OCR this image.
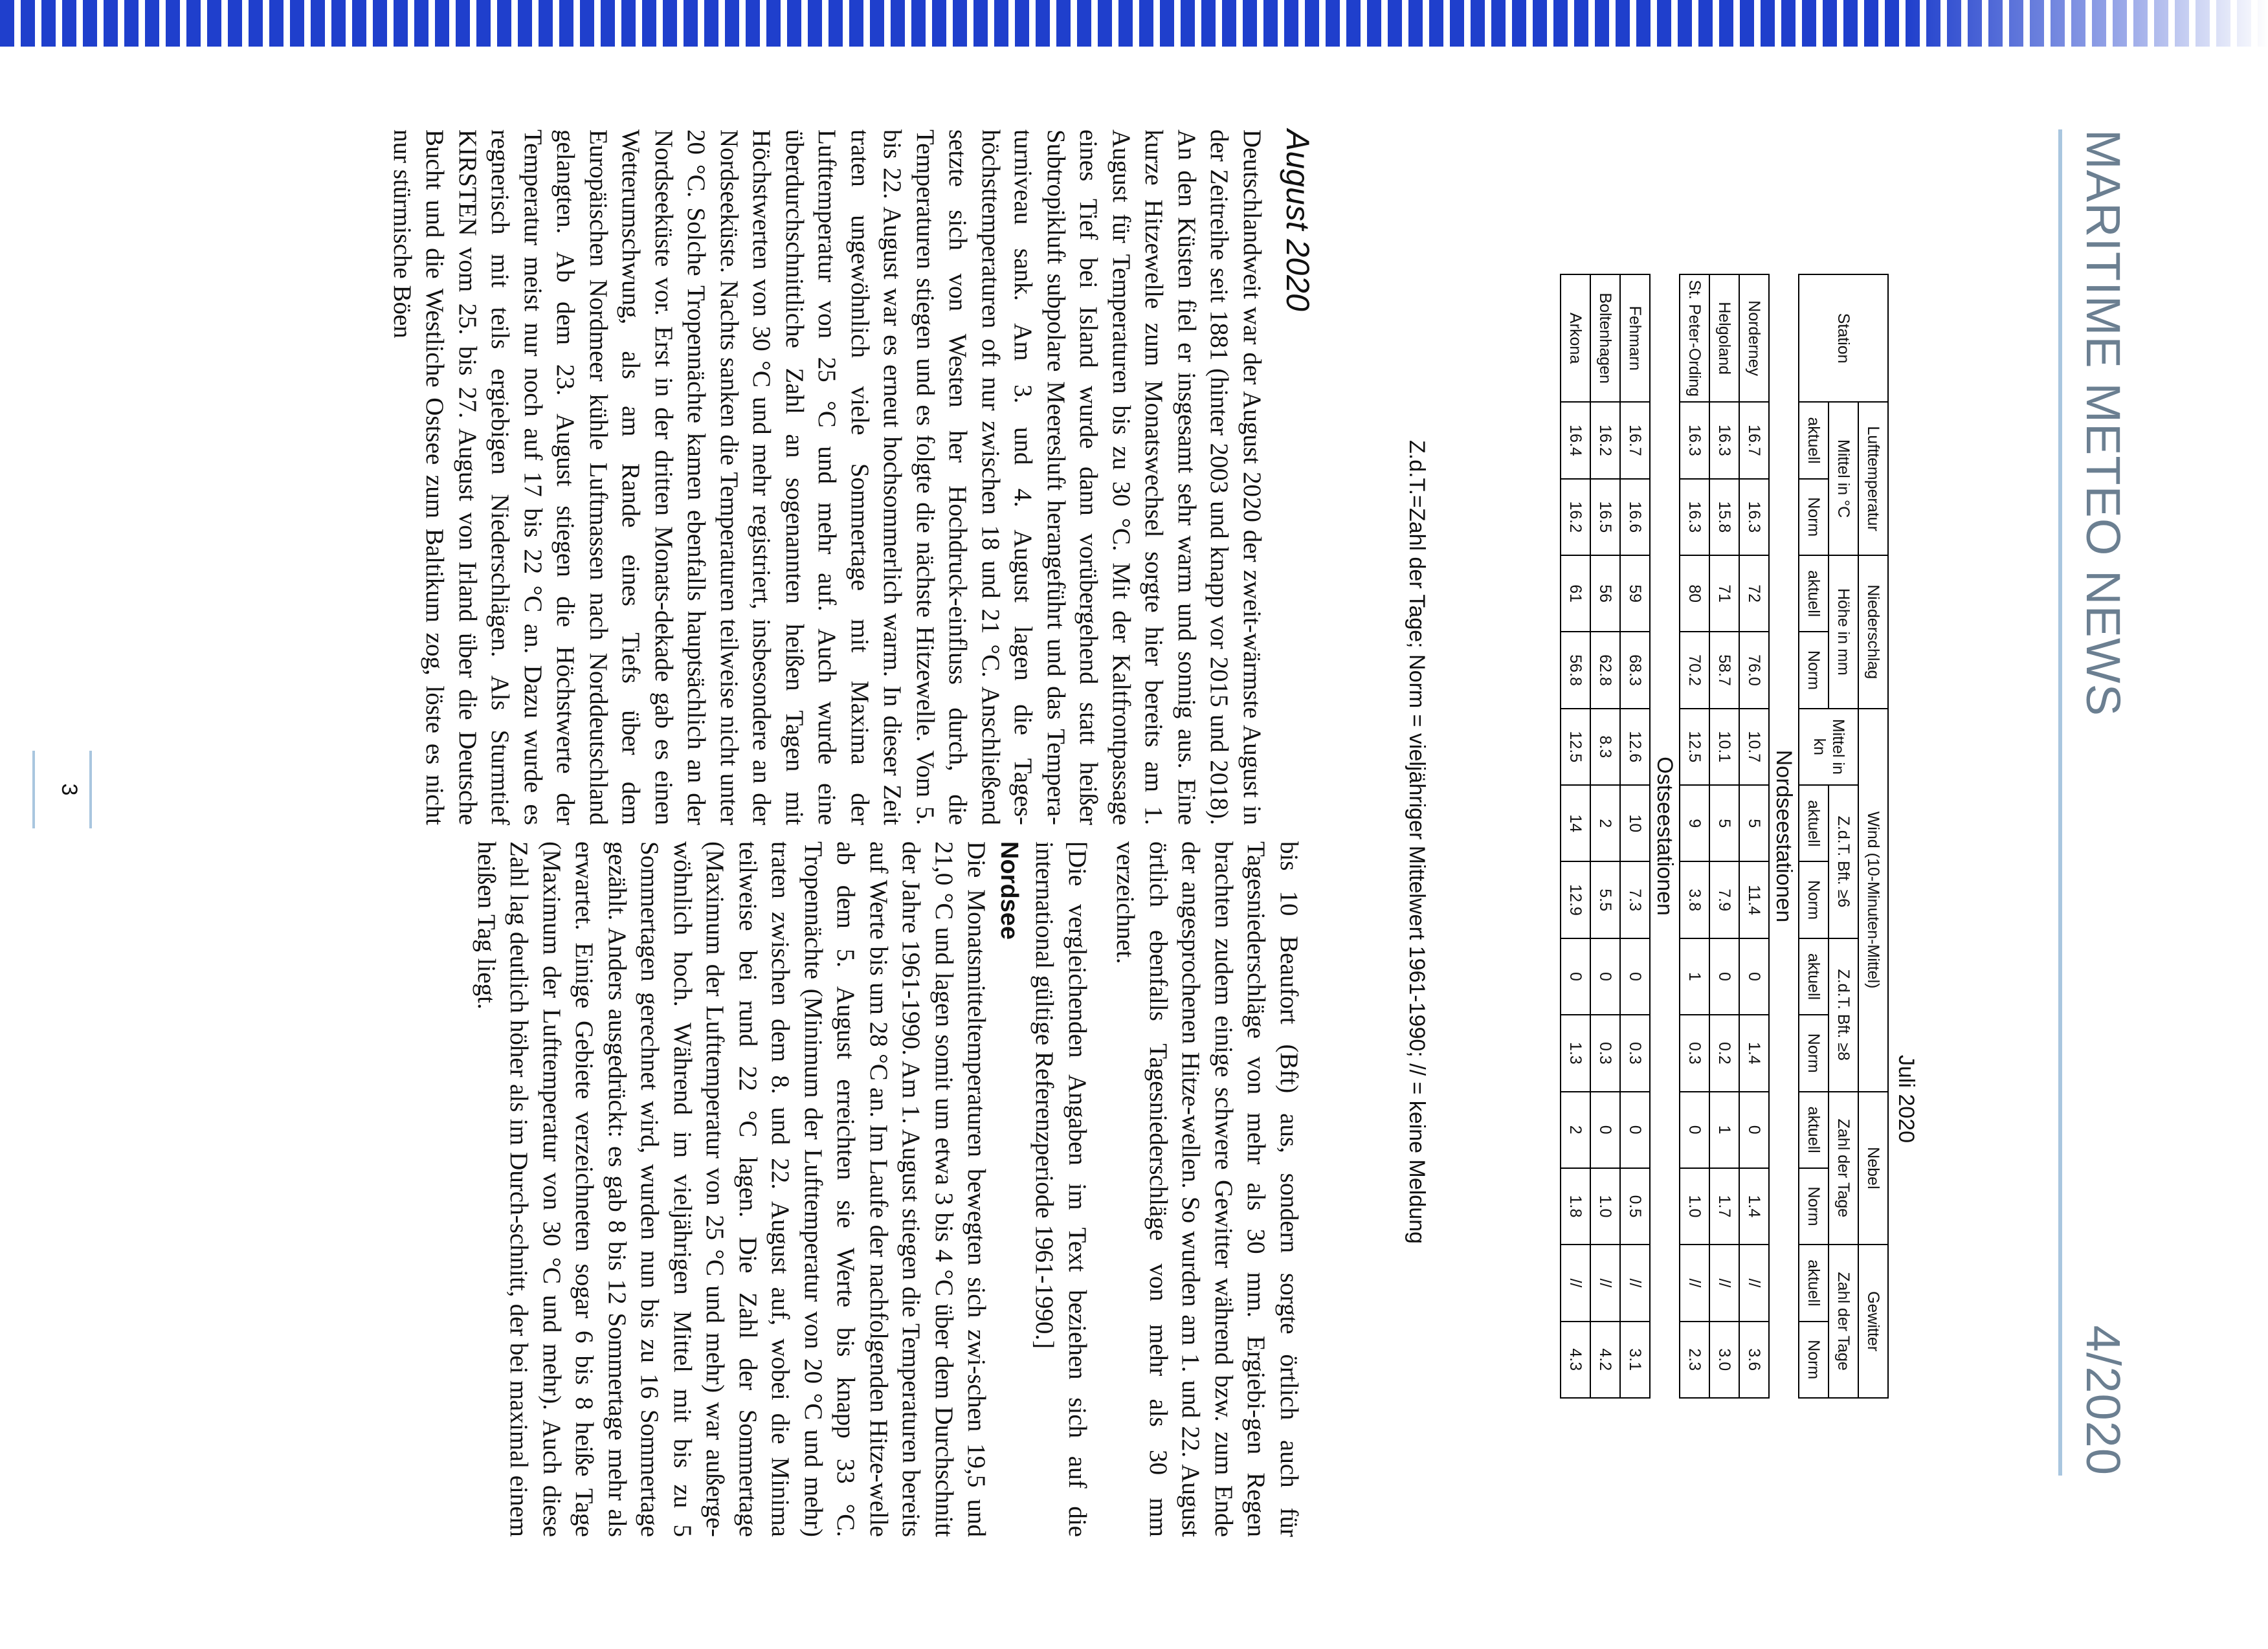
MARITIME METEO NEWS
4/2020
Juli 2020
Station	Lufttemperatur		Niederschlag		Wind (10-Minuten-Mittel)					Nebel		Gewitter	
	Mittel in °C		Höhe in mm		Mittel in kn	Z.d.T. Bft. ≥6		Z.d.T. Bft. ≥8		Zahl der Tage		Zahl der Tage	
	aktuell	Norm	aktuell	Norm		aktuell	Norm	aktuell	Norm	aktuell	Norm	aktuell	Norm
Nordseestationen													
Norderney	16.7	16.3	72	76.0	10.7	5	11.4	0	1.4	0	1.4	//	3.6
Helgoland	16.3	15.8	71	58.7	10.1	5	7.9	0	0.2	1	1.7	//	3.0
St. Peter-Ording	16.3	16.3	80	70.2	12.5	9	3.8	1	0.3	0	1.0	//	2.3
Ostseestationen													
Fehmarn	16.7	16.6	59	68.3	12.6	10	7.3	0	0.3	0	0.5	//	3.1
Boltenhagen	16.2	16.5	56	62.8	8.3	2	5.5	0	0.3	0	1.0	//	4.2
Arkona	16.4	16.2	61	56.8	12.5	14	12.9	0	1.3	2	1.8	//	4.3
Z.d.T.=Zahl der Tage; Norm = vieljähriger Mittelwert 1961-1990; // = keine Meldung
August 2020

Deutschlandweit war der August 2020 der zweit-wärmste August in der Zeitreihe seit 1881 (hinter 2003 und knapp vor 2015 und 2018). An den Küsten fiel er insgesamt sehr warm und sonnig aus. Eine kurze Hitzewelle zum Monatswechsel sorgte hier bereits am 1. August für Temperaturen bis zu 30 °C. Mit der Kaltfrontpassage eines Tief bei Island wurde dann vorübergehend statt heißer Subtropikluft subpolare Meeresluft herangeführt und das Tempera-turniveau sank. Am 3. und 4. August lagen die Tages-höchsttemperaturen oft nur zwischen 18 und 21 °C. Anschließend setzte sich von Westen her Hochdruck-einfluss durch, die Temperaturen stiegen und es folgte die nächste Hitzewelle. Vom 5. bis 22. August war es erneut hochsommerlich warm. In dieser Zeit traten ungewöhnlich viele Sommertage mit Maxima der Lufttemperatur von 25 °C und mehr auf. Auch wurde eine überdurchschnittliche Zahl an sogenannten heißen Tagen mit Höchstwerten von 30 °C und mehr registriert, insbesondere an der Nordseeküste. Nachts sanken die Temperaturen teilweise nicht unter 20 °C. Solche Tropennächte kamen ebenfalls hauptsächlich an der Nordseeküste vor. Erst in der dritten Monats-dekade gab es einen Wetterumschwung, als am Rande eines Tiefs über dem Europäischen Nordmeer kühle Luftmassen nach Norddeutschland gelangten. Ab dem 23. August stiegen die Höchstwerte der Temperatur meist nur noch auf 17 bis 22 °C an. Dazu wurde es regnerisch mit teils ergiebigen Niederschlägen. Als Sturmtief KIRSTEN vom 25. bis 27. August von Irland über die Deutsche Bucht und die Westliche Ostsee zum Baltikum zog, löste es nicht nur stürmische Böen

bis 10 Beaufort (Bft) aus, sondern sorgte örtlich auch für Tagesniederschläge von mehr als 30 mm. Ergiebi-gen Regen brachten zudem einige schwere Gewitter während bzw. zum Ende der angesprochenen Hitze-wellen. So wurden am 1. und 22. August örtlich ebenfalls Tagesniederschläge von mehr als 30 mm verzeichnet.

[Die vergleichenden Angaben im Text beziehen sich auf die international gültige Referenzperiode 1961-1990.]

Nordsee

Die Monatsmitteltemperaturen bewegten sich zwi-schen 19,5 und 21,0 °C und lagen somit um etwa 3 bis 4 °C über dem Durchschnitt der Jahre 1961-1990. Am 1. August stiegen die Temperaturen bereits auf Werte bis um 28 °C an. Im Laufe der nachfolgenden Hitze-welle ab dem 5. August erreichten sie Werte bis knapp 33 °C. Tropennächte (Minimum der Lufttemperatur von 20 °C und mehr) traten zwischen dem 8. und 22. August auf, wobei die Minima teilweise bei rund 22 °C lagen. Die Zahl der Sommertage (Maximum der Lufttemperatur von 25 °C und mehr) war außerge-wöhnlich hoch. Während im vieljährigen Mittel mit bis zu 5 Sommertagen gerechnet wird, wurden nun bis zu 16 Sommertage gezählt. Anders ausgedrückt: es gab 8 bis 12 Sommertage mehr als erwartet. Einige Gebiete verzeichneten sogar 6 bis 8 heiße Tage (Maximum der Lufttemperatur von 30 °C und mehr). Auch diese Zahl lag deutlich höher als im Durch-schnitt, der bei maximal einem heißen Tag liegt.

3
